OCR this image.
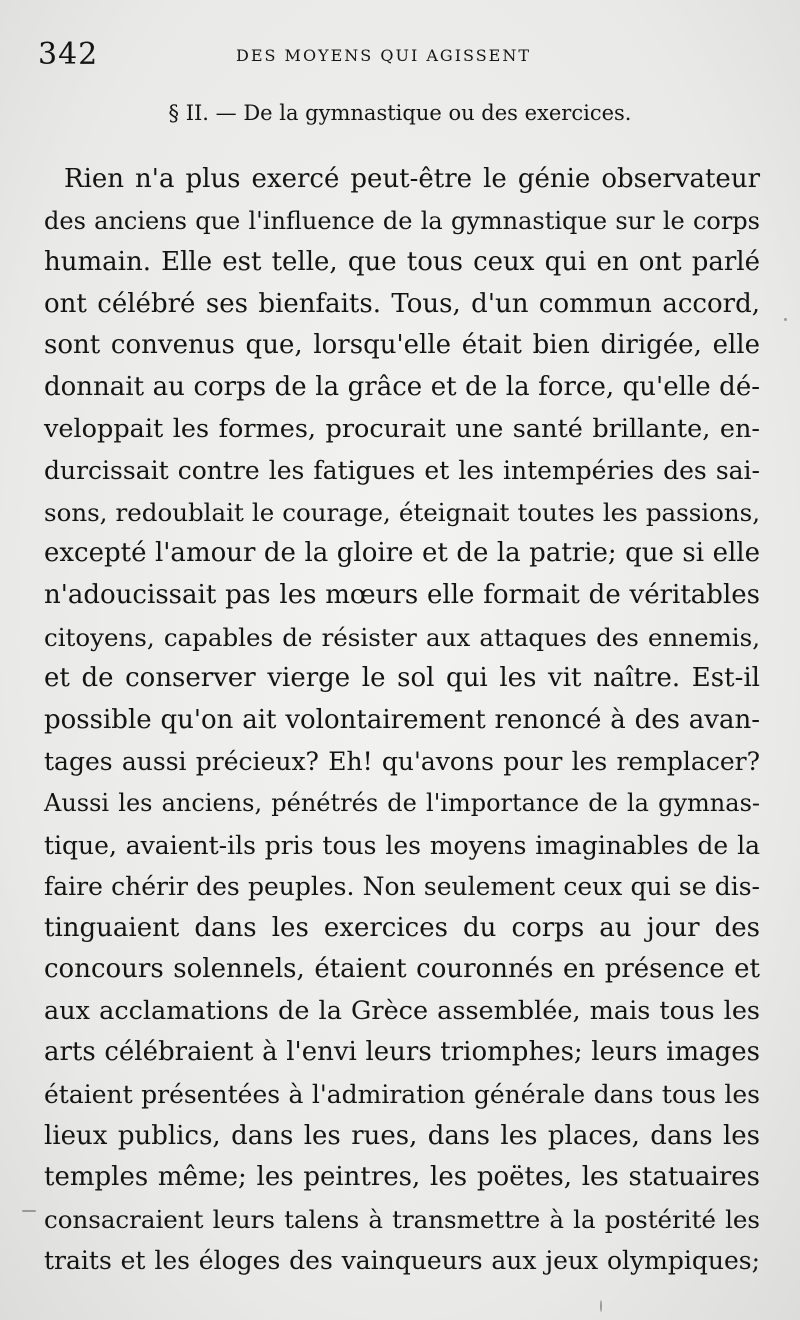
342	DES MOYENS QUI AGISSENT
§ II. — De la gymnastique ou des exercices.
Rien n'a plus exercé peut-être le génie observateur
des anciens que l'influence de la gymnastique sur le corps
humain. Elle est telle, que tous ceux qui en ont parlé
ont célébré ses bienfaits. Tous, d'un commun accord,
sont convenus que, lorsqu'elle était bien dirigée, elle
donnait au corps de la grâce et de la force, qu'elle dé-
veloppait les formes, procurait une santé brillante, en-
durcissait contre les fatigues et les intempéries des sai-
sons, redoublait le courage, éteignait toutes les passions,
excepté l'amour de la gloire et de la patrie; que si elle
n'adoucissait pas les mœurs elle formait de véritables
citoyens, capables de résister aux attaques des ennemis,
et de conserver vierge le sol qui les vit naître. Est-il
possible qu'on ait volontairement renoncé à des avan-
tages aussi précieux? Eh! qu'avons pour les remplacer?
Aussi les anciens, pénétrés de l'importance de la gymnas-
tique, avaient-ils pris tous les moyens imaginables de la
faire chérir des peuples. Non seulement ceux qui se dis-
tinguaient dans les exercices du corps au jour des
concours solennels, étaient couronnés en présence et
aux acclamations de la Grèce assemblée, mais tous les
arts célébraient à l'envi leurs triomphes; leurs images
étaient présentées à l'admiration générale dans tous les
lieux publics, dans les rues, dans les places, dans les
temples même; les peintres, les poëtes, les statuaires
consacraient leurs talens à transmettre à la postérité les
traits et les éloges des vainqueurs aux jeux olympiques;
